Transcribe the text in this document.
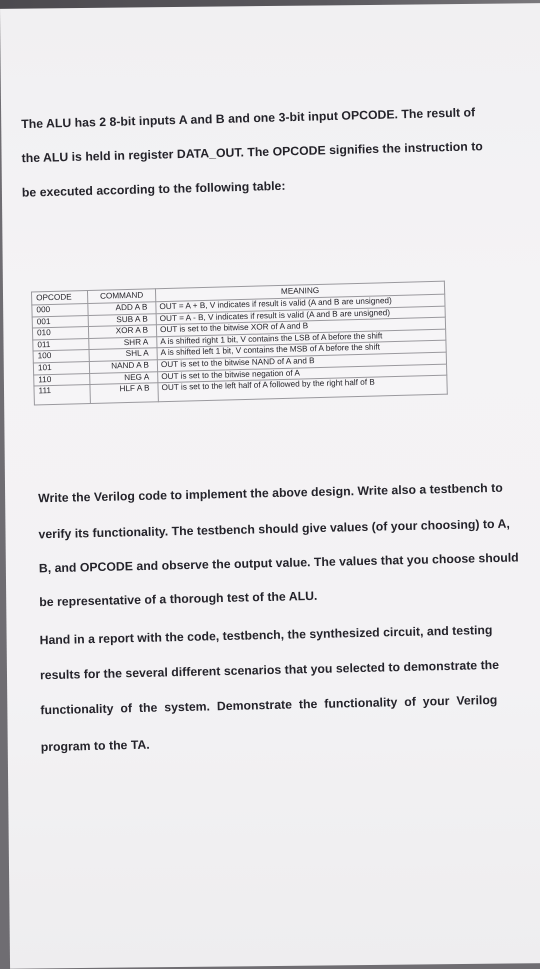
The ALU has 2 8-bit inputs A and B and one 3-bit input OPCODE. The result of
the ALU is held in register DATA_OUT. The OPCODE signifies the instruction to
be executed according to the following table:
OPCODE	COMMAND	MEANING
000	ADD A B	OUT = A + B, V indicates if result is valid (A and B are unsigned)
001	SUB A B	OUT = A - B, V indicates if result is valid (A and B are unsigned)
010	XOR A B	OUT is set to the bitwise XOR of A and B
011	SHR A	A is shifted right 1 bit, V contains the LSB of A before the shift
100	SHL A	A is shifted left 1 bit, V contains the MSB of A before the shift
101	NAND A B	OUT is set to the bitwise NAND of A and B
110	NEG A	OUT is set to the bitwise negation of A
111	HLF A B	OUT is set to the left half of A followed by the right half of B
Write the Verilog code to implement the above design. Write also a testbench to
verify its functionality. The testbench should give values (of your choosing) to A,
B, and OPCODE and observe the output value. The values that you choose should
be representative of a thorough test of the ALU.
Hand in a report with the code, testbench, the synthesized circuit, and testing
results for the several different scenarios that you selected to demonstrate the
functionality of the system. Demonstrate the functionality of your Verilog
program to the TA.
